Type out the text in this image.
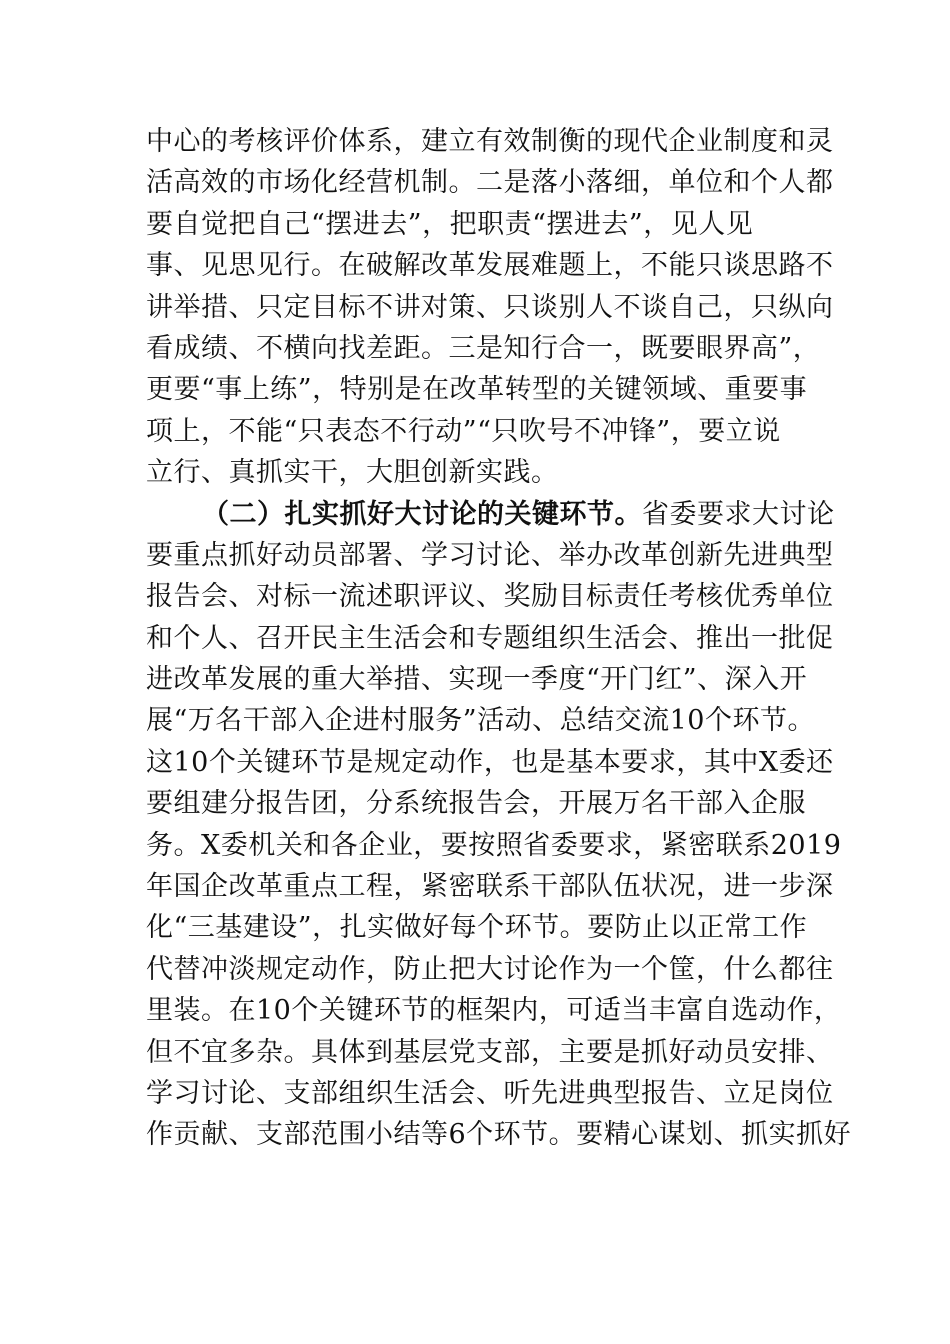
中心的考核评价体系，建立有效制衡的现代企业制度和灵
活高效的市场化经营机制。二是落小落细，单位和个人都
要自觉把自己“摆进去”，把职责“摆进去”，见人见
事、见思见行。在破解改革发展难题上，不能只谈思路不
讲举措、只定目标不讲对策、只谈别人不谈自己，只纵向
看成绩、不横向找差距。三是知行合一，既要眼界高”，
更要“事上练”，特别是在改革转型的关键领域、重要事
项上，不能“只表态不行动”“只吹号不冲锋”，要立说
立行、真抓实干，大胆创新实践。
（二）扎实抓好大讨论的关键环节。省委要求大讨论
要重点抓好动员部署、学习讨论、举办改革创新先进典型
报告会、对标一流述职评议、奖励目标责任考核优秀单位
和个人、召开民主生活会和专题组织生活会、推出一批促
进改革发展的重大举措、实现一季度“开门红”、深入开
展“万名干部入企进村服务”活动、总结交流10个环节。
这10个关键环节是规定动作，也是基本要求，其中X委还
要组建分报告团，分系统报告会，开展万名干部入企服
务。X委机关和各企业，要按照省委要求，紧密联系2019
年国企改革重点工程，紧密联系干部队伍状况，进一步深
化“三基建设”，扎实做好每个环节。要防止以正常工作
代替冲淡规定动作，防止把大讨论作为一个筐，什么都往
里装。在10个关键环节的框架内，可适当丰富自选动作，
但不宜多杂。具体到基层党支部，主要是抓好动员安排、
学习讨论、支部组织生活会、听先进典型报告、立足岗位
作贡献、支部范围小结等6个环节。要精心谋划、抓实抓好
